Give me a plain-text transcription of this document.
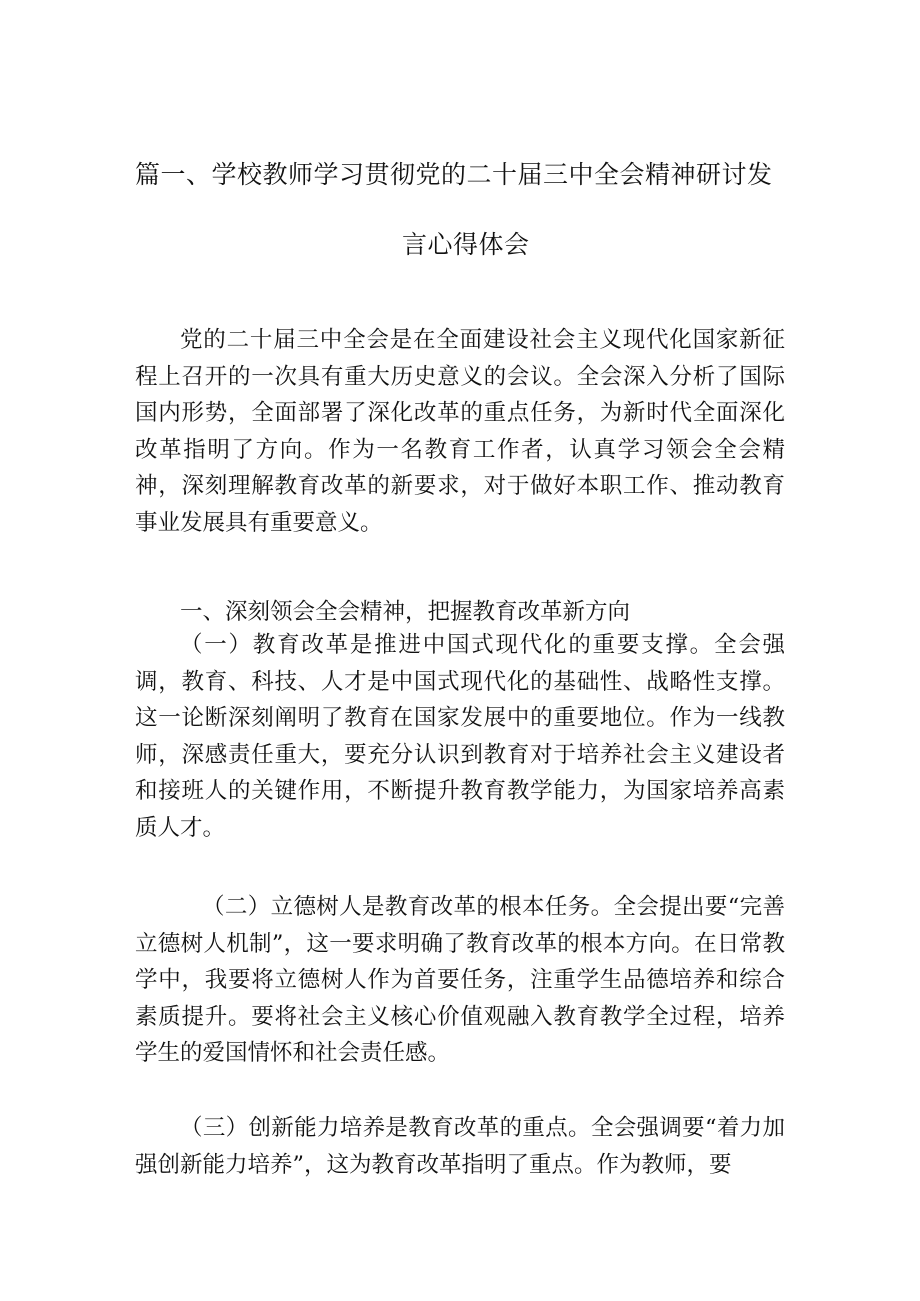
篇一、学校教师学习贯彻党的二十届三中全会精神研讨发
言心得体会

党的二十届三中全会是在全面建设社会主义现代化国家新征程上召开的一次具有重大历史意义的会议。全会深入分析了国际国内形势，全面部署了深化改革的重点任务，为新时代全面深化改革指明了方向。作为一名教育工作者，认真学习领会全会精神，深刻理解教育改革的新要求，对于做好本职工作、推动教育事业发展具有重要意义。

一、深刻领会全会精神，把握教育改革新方向

（一）教育改革是推进中国式现代化的重要支撑。全会强调，教育、科技、人才是中国式现代化的基础性、战略性支撑。这一论断深刻阐明了教育在国家发展中的重要地位。作为一线教师，深感责任重大，要充分认识到教育对于培养社会主义建设者和接班人的关键作用，不断提升教育教学能力，为国家培养高素质人才。

（二）立德树人是教育改革的根本任务。全会提出要“完善立德树人机制”，这一要求明确了教育改革的根本方向。在日常教学中，我要将立德树人作为首要任务，注重学生品德培养和综合素质提升。要将社会主义核心价值观融入教育教学全过程，培养学生的爱国情怀和社会责任感。

（三）创新能力培养是教育改革的重点。全会强调要“着力加强创新能力培养”，这为教育改革指明了重点。作为教师，要
